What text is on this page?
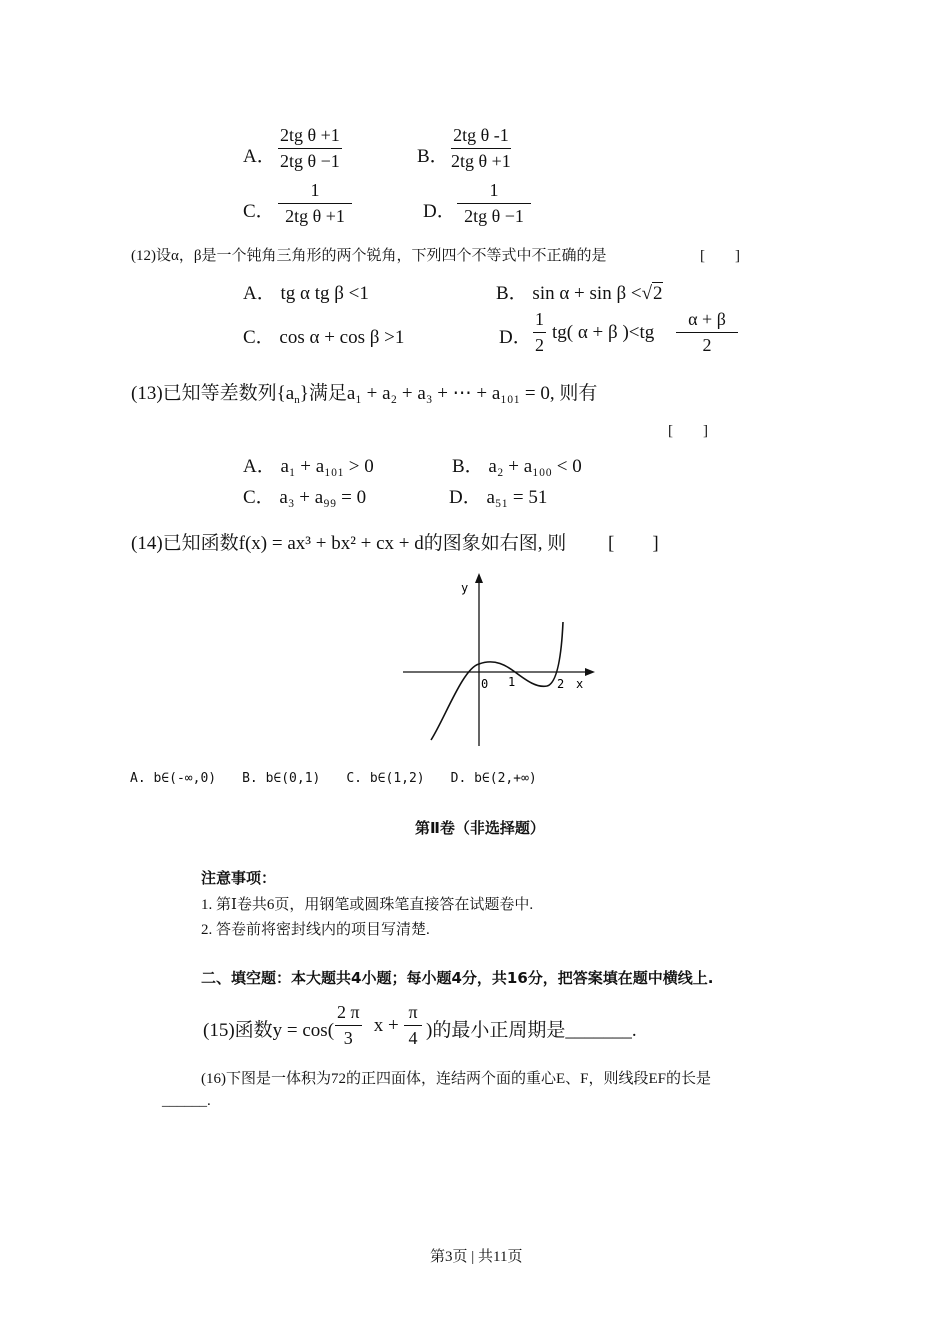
A． $\frac{\text{2tg θ +1}}{\text{2tg θ −1}}$	B． $\frac{\text{2tg θ -1}}{\text{2tg θ +1}}$
C． $\frac{1}{\text{2tg θ +1}}$	D． $\frac{1}{\text{2tg θ −1}}$
(12)设α，β是一个钝角三角形的两个锐角，下列四个不等式中不正确的是	[　　]
A． tg α tg β <1	B． sin α + sin β <√2
C． cos α + cos β >1	D． $\frac{1}{2} tg$( α + β )$<tg \frac{\alpha + \beta}{2}$
(13)已知等差数列$\{a_n\}$满足a₁ + a₂ + a₃ + ⋯ + a₁₀₁ = 0, 则有
[　　]
A． a₁ + a₁₀₁ > 0	B． a₂ + a₁₀₀ < 0
C． a₃ + a₉₉ = 0	D． a₅₁ = 51
(14)已知函数f(x) = ax³ + bx² + cx + d的图象如右图, 则 [　　]
y
x
0 1	2
A. b∈(-∞,0)　　B. b∈(0,1)　　C. b∈(1,2)　　D. b∈(2,+∞)
第Ⅱ卷（非选择题）
注意事项：
1. 第Ⅰ卷共6页，用钢笔或圆珠笔直接答在试题卷中.
2. 答卷前将密封线内的项目写清楚.
二、填空题：本大题共4小题；每小题4分，共16分，把答案填在题中横线上.
(15)函数$y = \cos( \frac{2 \pi}{3}$ $x + \frac{\pi}{4}$ )的最小正周期是_______.
(16)下图是一体积为72的正四面体，连结两个面的重心E、F，则线段EF的长是
______.
第3页 | 共11页
